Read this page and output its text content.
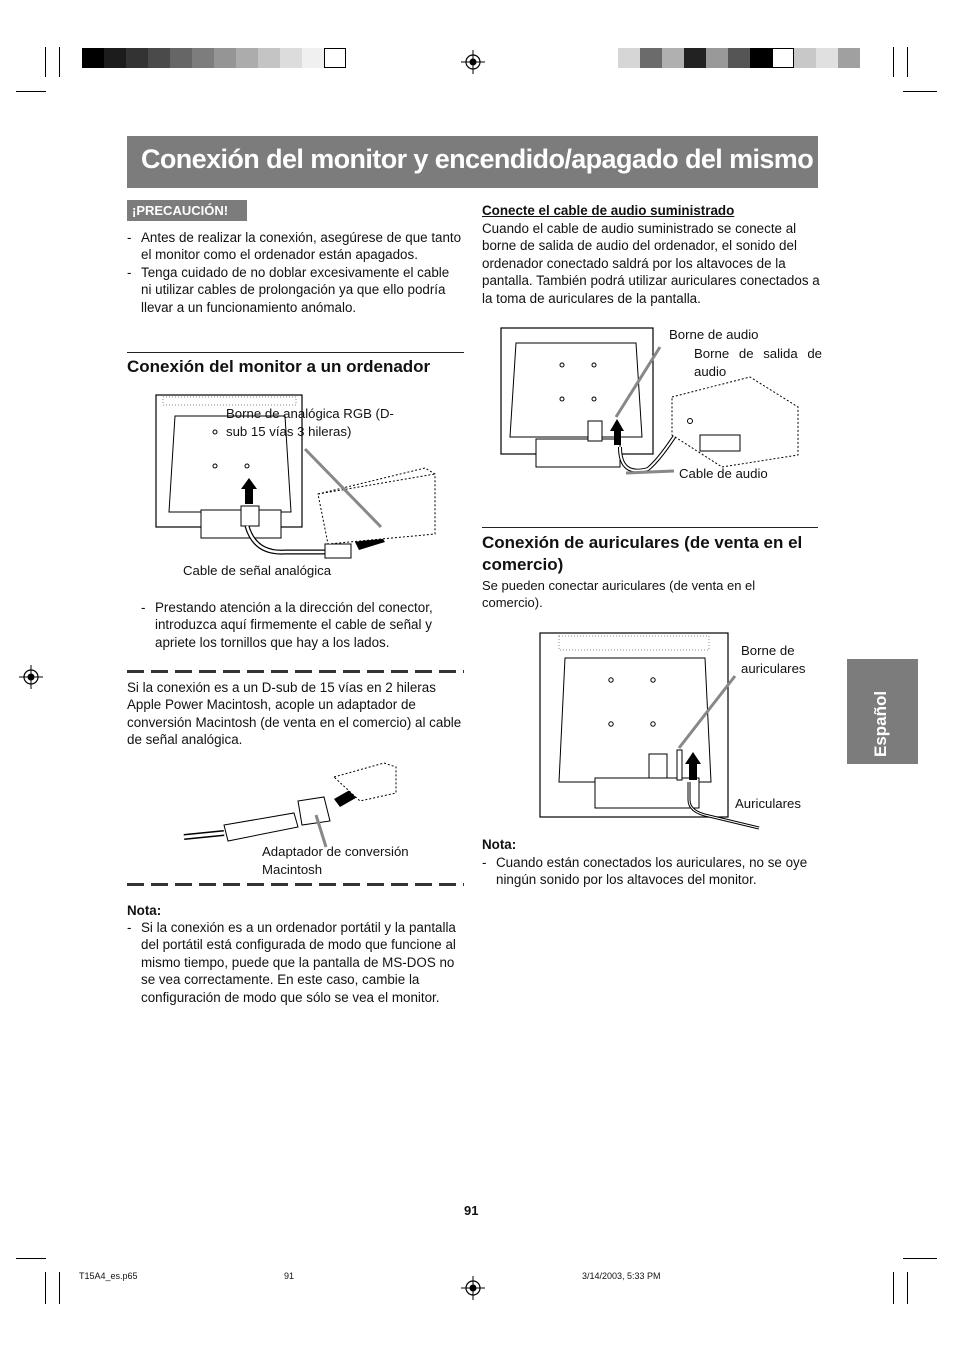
Conexión del monitor y encendido/apagado del mismo
¡PRECAUCIÓN!
- Antes de realizar la conexión, asegúrese de que tanto el monitor como el ordenador están apagados.
- Tenga cuidado de no doblar excesivamente el cable ni utilizar cables de prolongación ya que ello podría llevar a un funcionamiento anómalo.
Conexión del monitor a un ordenador
Borne de analógica RGB (D-sub 15 vías 3 hileras)
Cable de señal analógica
- Prestando atención a la dirección del conector, introduzca aquí firmemente el cable de señal y apriete los tornillos que hay a los lados.
Si la conexión es a un D-sub de 15 vías en 2 hileras Apple Power Macintosh, acople un adaptador de conversión Macintosh (de venta en el comercio) al cable de señal analógica.
Adaptador de conversión Macintosh
Nota:
- Si la conexión es a un ordenador portátil y la pantalla del portátil está configurada de modo que funcione al mismo tiempo, puede que la pantalla de MS-DOS no se vea correctamente. En este caso, cambie la configuración de modo que sólo se vea el monitor.
Conecte el cable de audio suministrado
Cuando el cable de audio suministrado se conecte al borne de salida de audio del ordenador, el sonido del ordenador conectado saldrá por los altavoces de la pantalla. También podrá utilizar auriculares conectados a la toma de auriculares de la pantalla.
Borne de audio
Borne de salida de audio
Cable de audio
Conexión de auriculares (de venta en el comercio)
Se pueden conectar auriculares (de venta en el comercio).
Borne de auriculares
Auriculares
Nota:
- Cuando están conectados los auriculares, no se oye ningún sonido por los altavoces del monitor.
Español
91
T15A4_es.p65	91	3/14/2003, 5:33 PM
